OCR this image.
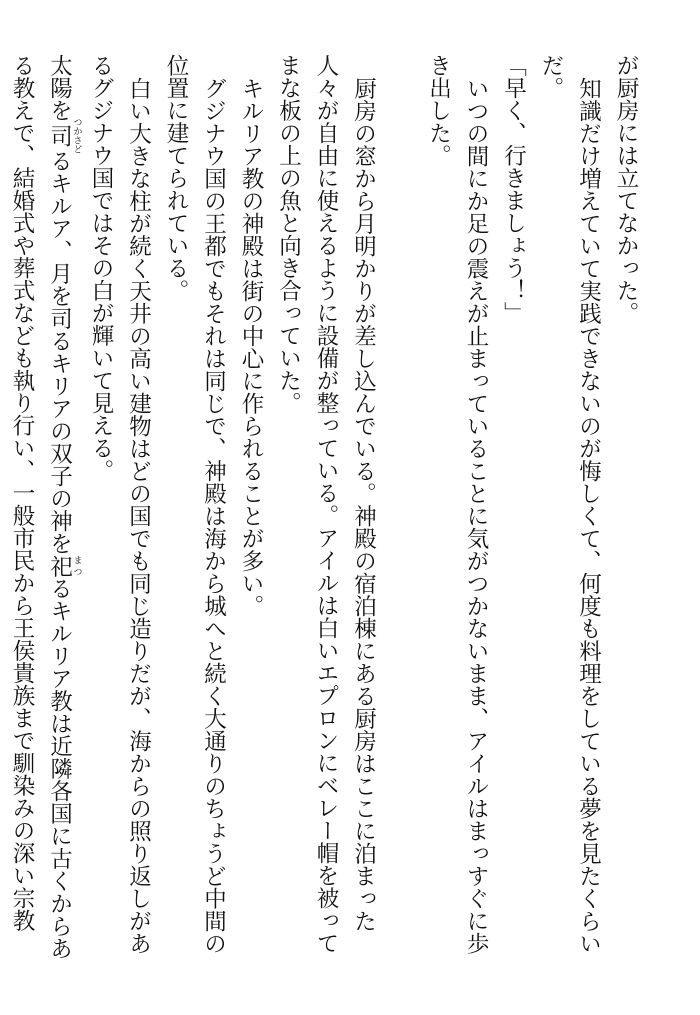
が厨房には立てなかった。

知識だけ増えていて実践できないのが悔しくて、何度も料理をしている夢を見たくらいだ。

「早く、行きましょう！」

いつの間にか足の震えが止まっていることに気がつかないまま、アイルはまっすぐに歩き出した。

厨房の窓から月明かりが差し込んでいる。神殿の宿泊棟にある厨房はここに泊まった人々が自由に使えるように設備が整っている。アイルは白いエプロンにベレー帽を被ってまな板の上の魚と向き合っていた。

キルリア教の神殿は街の中心に作られることが多い。

グジナウ国の王都でもそれは同じで、神殿は海から城へと続く大通りのちょうど中間の位置に建てられている。

白い大きな柱が続く天井の高い建物はどの国でも同じ造りだが、海からの照り返しがあるグジナウ国ではその白が輝いて見える。

太陽を司 つかさどるキルア、月を司るキリアの双子の神を祀 まつるキルリア教は近隣各国に古くからある教えで、結婚式や葬式なども執り行い、一般市民から王侯貴族まで馴染みの深い宗教
